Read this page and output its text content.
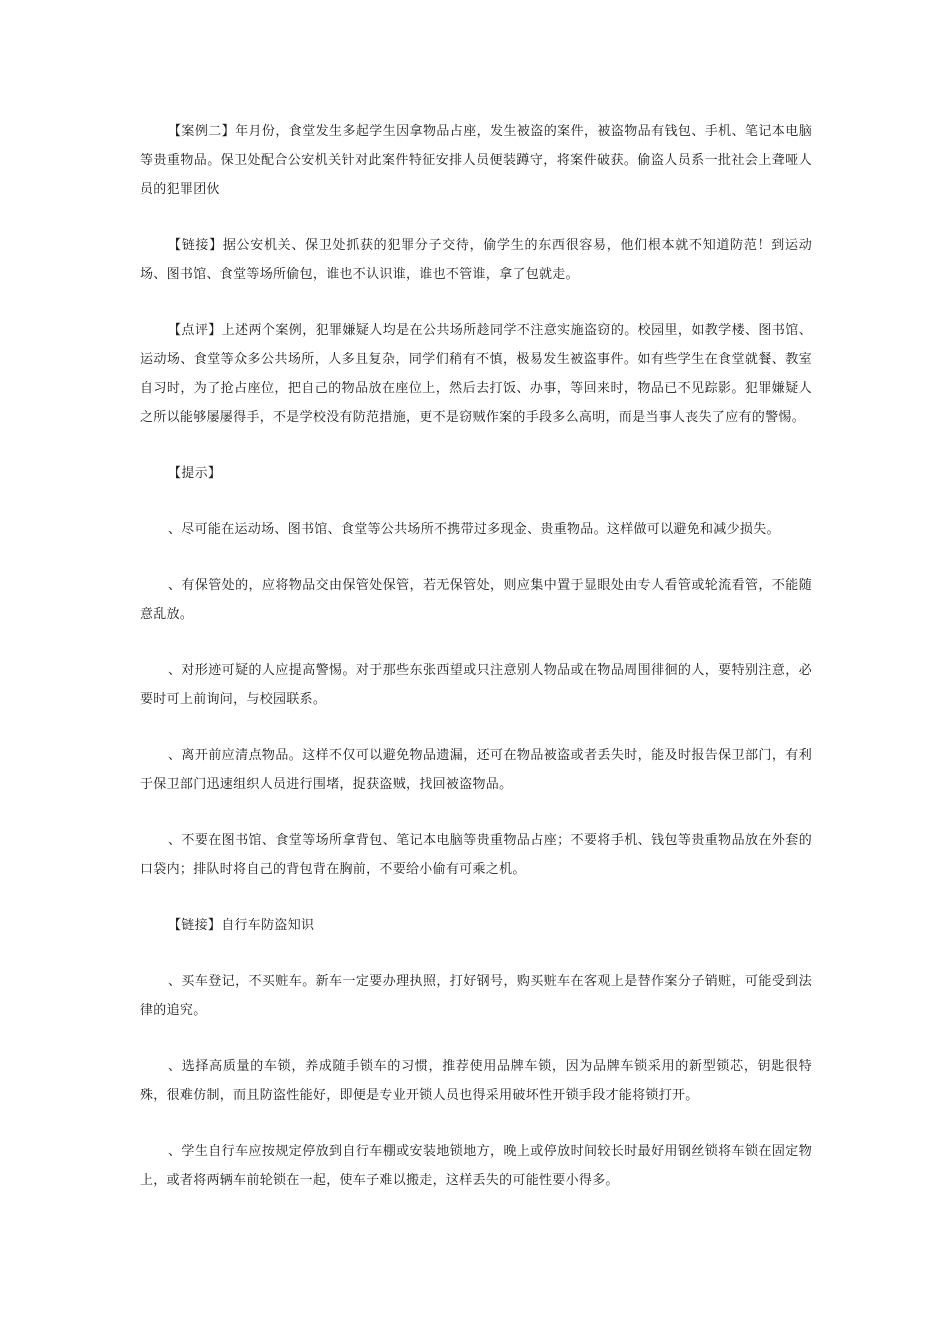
【案例二】年月份，食堂发生多起学生因拿物品占座，发生被盗的案件，被盗物品有钱包、手机、笔记本电脑等贵重物品。保卫处配合公安机关针对此案件特征安排人员便装蹲守，将案件破获。偷盗人员系一批社会上聋哑人员的犯罪团伙

【链接】据公安机关、保卫处抓获的犯罪分子交待，偷学生的东西很容易，他们根本就不知道防范！到运动场、图书馆、食堂等场所偷包，谁也不认识谁，谁也不管谁，拿了包就走。

【点评】上述两个案例，犯罪嫌疑人均是在公共场所趁同学不注意实施盗窃的。校园里，如教学楼、图书馆、运动场、食堂等众多公共场所，人多且复杂，同学们稍有不慎，极易发生被盗事件。如有些学生在食堂就餐、教室自习时，为了抢占座位，把自己的物品放在座位上，然后去打饭、办事，等回来时，物品已不见踪影。犯罪嫌疑人之所以能够屡屡得手，不是学校没有防范措施，更不是窃贼作案的手段多么高明，而是当事人丧失了应有的警惕。

【提示】

、尽可能在运动场、图书馆、食堂等公共场所不携带过多现金、贵重物品。这样做可以避免和减少损失。

、有保管处的，应将物品交由保管处保管，若无保管处，则应集中置于显眼处由专人看管或轮流看管，不能随意乱放。

、对形迹可疑的人应提高警惕。对于那些东张西望或只注意别人物品或在物品周围徘徊的人，要特别注意，必要时可上前询问，与校园联系。

、离开前应清点物品。这样不仅可以避免物品遗漏，还可在物品被盗或者丢失时，能及时报告保卫部门，有利于保卫部门迅速组织人员进行围堵，捉获盗贼，找回被盗物品。

、不要在图书馆、食堂等场所拿背包、笔记本电脑等贵重物品占座；不要将手机、钱包等贵重物品放在外套的口袋内；排队时将自己的背包背在胸前，不要给小偷有可乘之机。

【链接】自行车防盗知识

、买车登记，不买赃车。新车一定要办理执照，打好钢号，购买赃车在客观上是替作案分子销赃，可能受到法律的追究。

、选择高质量的车锁，养成随手锁车的习惯，推荐使用品牌车锁，因为品牌车锁采用的新型锁芯，钥匙很特殊，很难仿制，而且防盗性能好，即便是专业开锁人员也得采用破坏性开锁手段才能将锁打开。

、学生自行车应按规定停放到自行车棚或安装地锁地方，晚上或停放时间较长时最好用钢丝锁将车锁在固定物上，或者将两辆车前轮锁在一起，使车子难以搬走，这样丢失的可能性要小得多。
